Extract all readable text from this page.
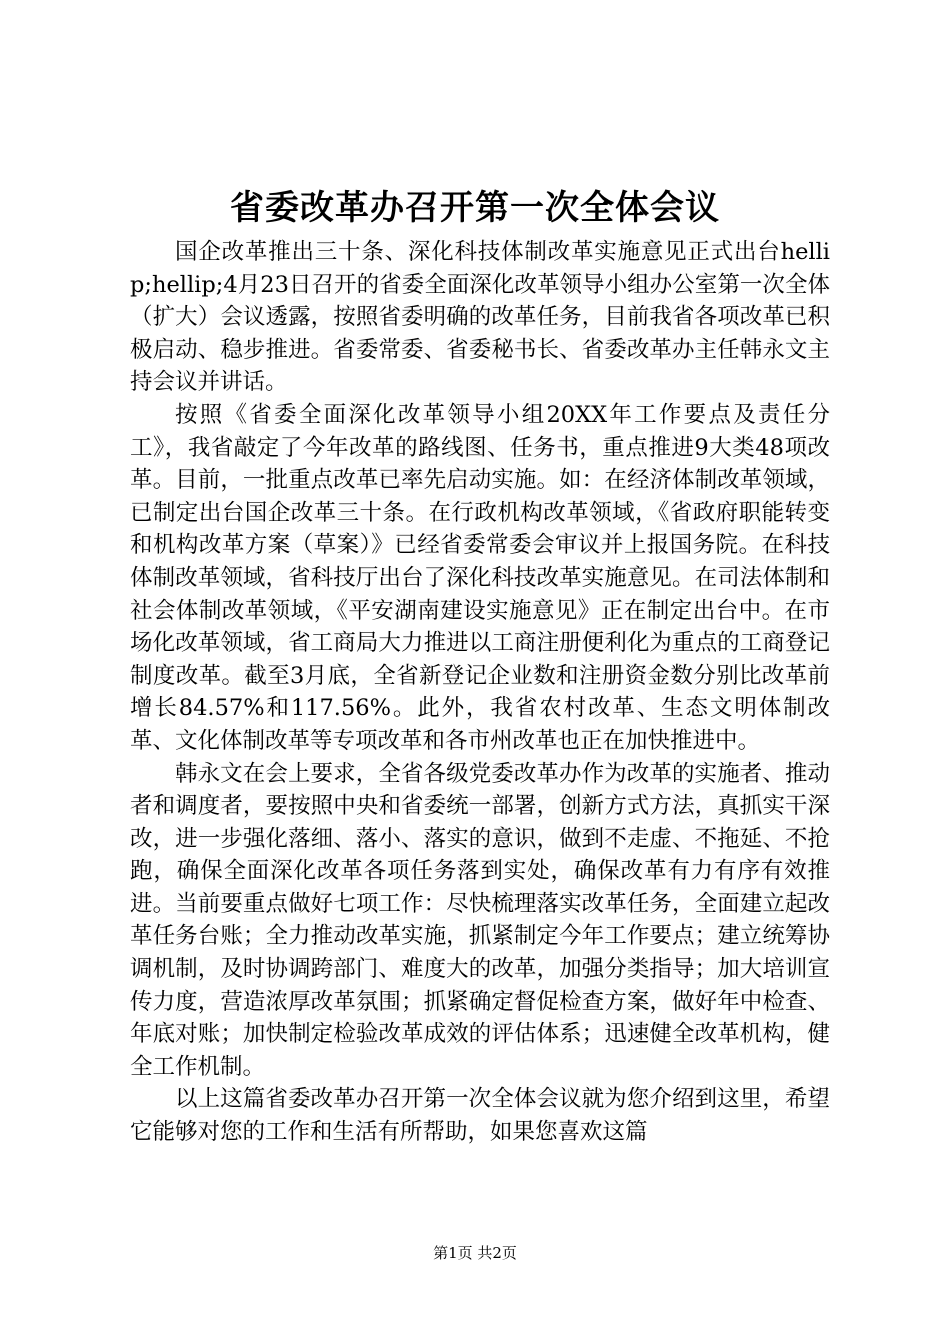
省委改革办召开第一次全体会议

国企改革推出三十条、深化科技体制改革实施意见正式出台hellip;hellip;4月23日召开的省委全面深化改革领导小组办公室第一次全体（扩大）会议透露，按照省委明确的改革任务，目前我省各项改革已积极启动、稳步推进。省委常委、省委秘书长、省委改革办主任韩永文主持会议并讲话。

按照《省委全面深化改革领导小组20XX年工作要点及责任分工》，我省敲定了今年改革的路线图、任务书，重点推进9大类48项改革。目前，一批重点改革已率先启动实施。如：在经济体制改革领域，已制定出台国企改革三十条。在行政机构改革领域，《省政府职能转变和机构改革方案（草案）》已经省委常委会审议并上报国务院。在科技体制改革领域，省科技厅出台了深化科技改革实施意见。在司法体制和社会体制改革领域，《平安湖南建设实施意见》正在制定出台中。在市场化改革领域，省工商局大力推进以工商注册便利化为重点的工商登记制度改革。截至3月底，全省新登记企业数和注册资金数分别比改革前增长84.57%和117.56%。此外，我省农村改革、生态文明体制改革、文化体制改革等专项改革和各市州改革也正在加快推进中。

韩永文在会上要求，全省各级党委改革办作为改革的实施者、推动者和调度者，要按照中央和省委统一部署，创新方式方法，真抓实干深改，进一步强化落细、落小、落实的意识，做到不走虚、不拖延、不抢跑，确保全面深化改革各项任务落到实处，确保改革有力有序有效推进。当前要重点做好七项工作：尽快梳理落实改革任务，全面建立起改革任务台账；全力推动改革实施，抓紧制定今年工作要点；建立统筹协调机制，及时协调跨部门、难度大的改革，加强分类指导；加大培训宣传力度，营造浓厚改革氛围；抓紧确定督促检查方案，做好年中检查、年底对账；加快制定检验改革成效的评估体系；迅速健全改革机构，健全工作机制。

以上这篇省委改革办召开第一次全体会议就为您介绍到这里，希望它能够对您的工作和生活有所帮助，如果您喜欢这篇

第1页 共2页
